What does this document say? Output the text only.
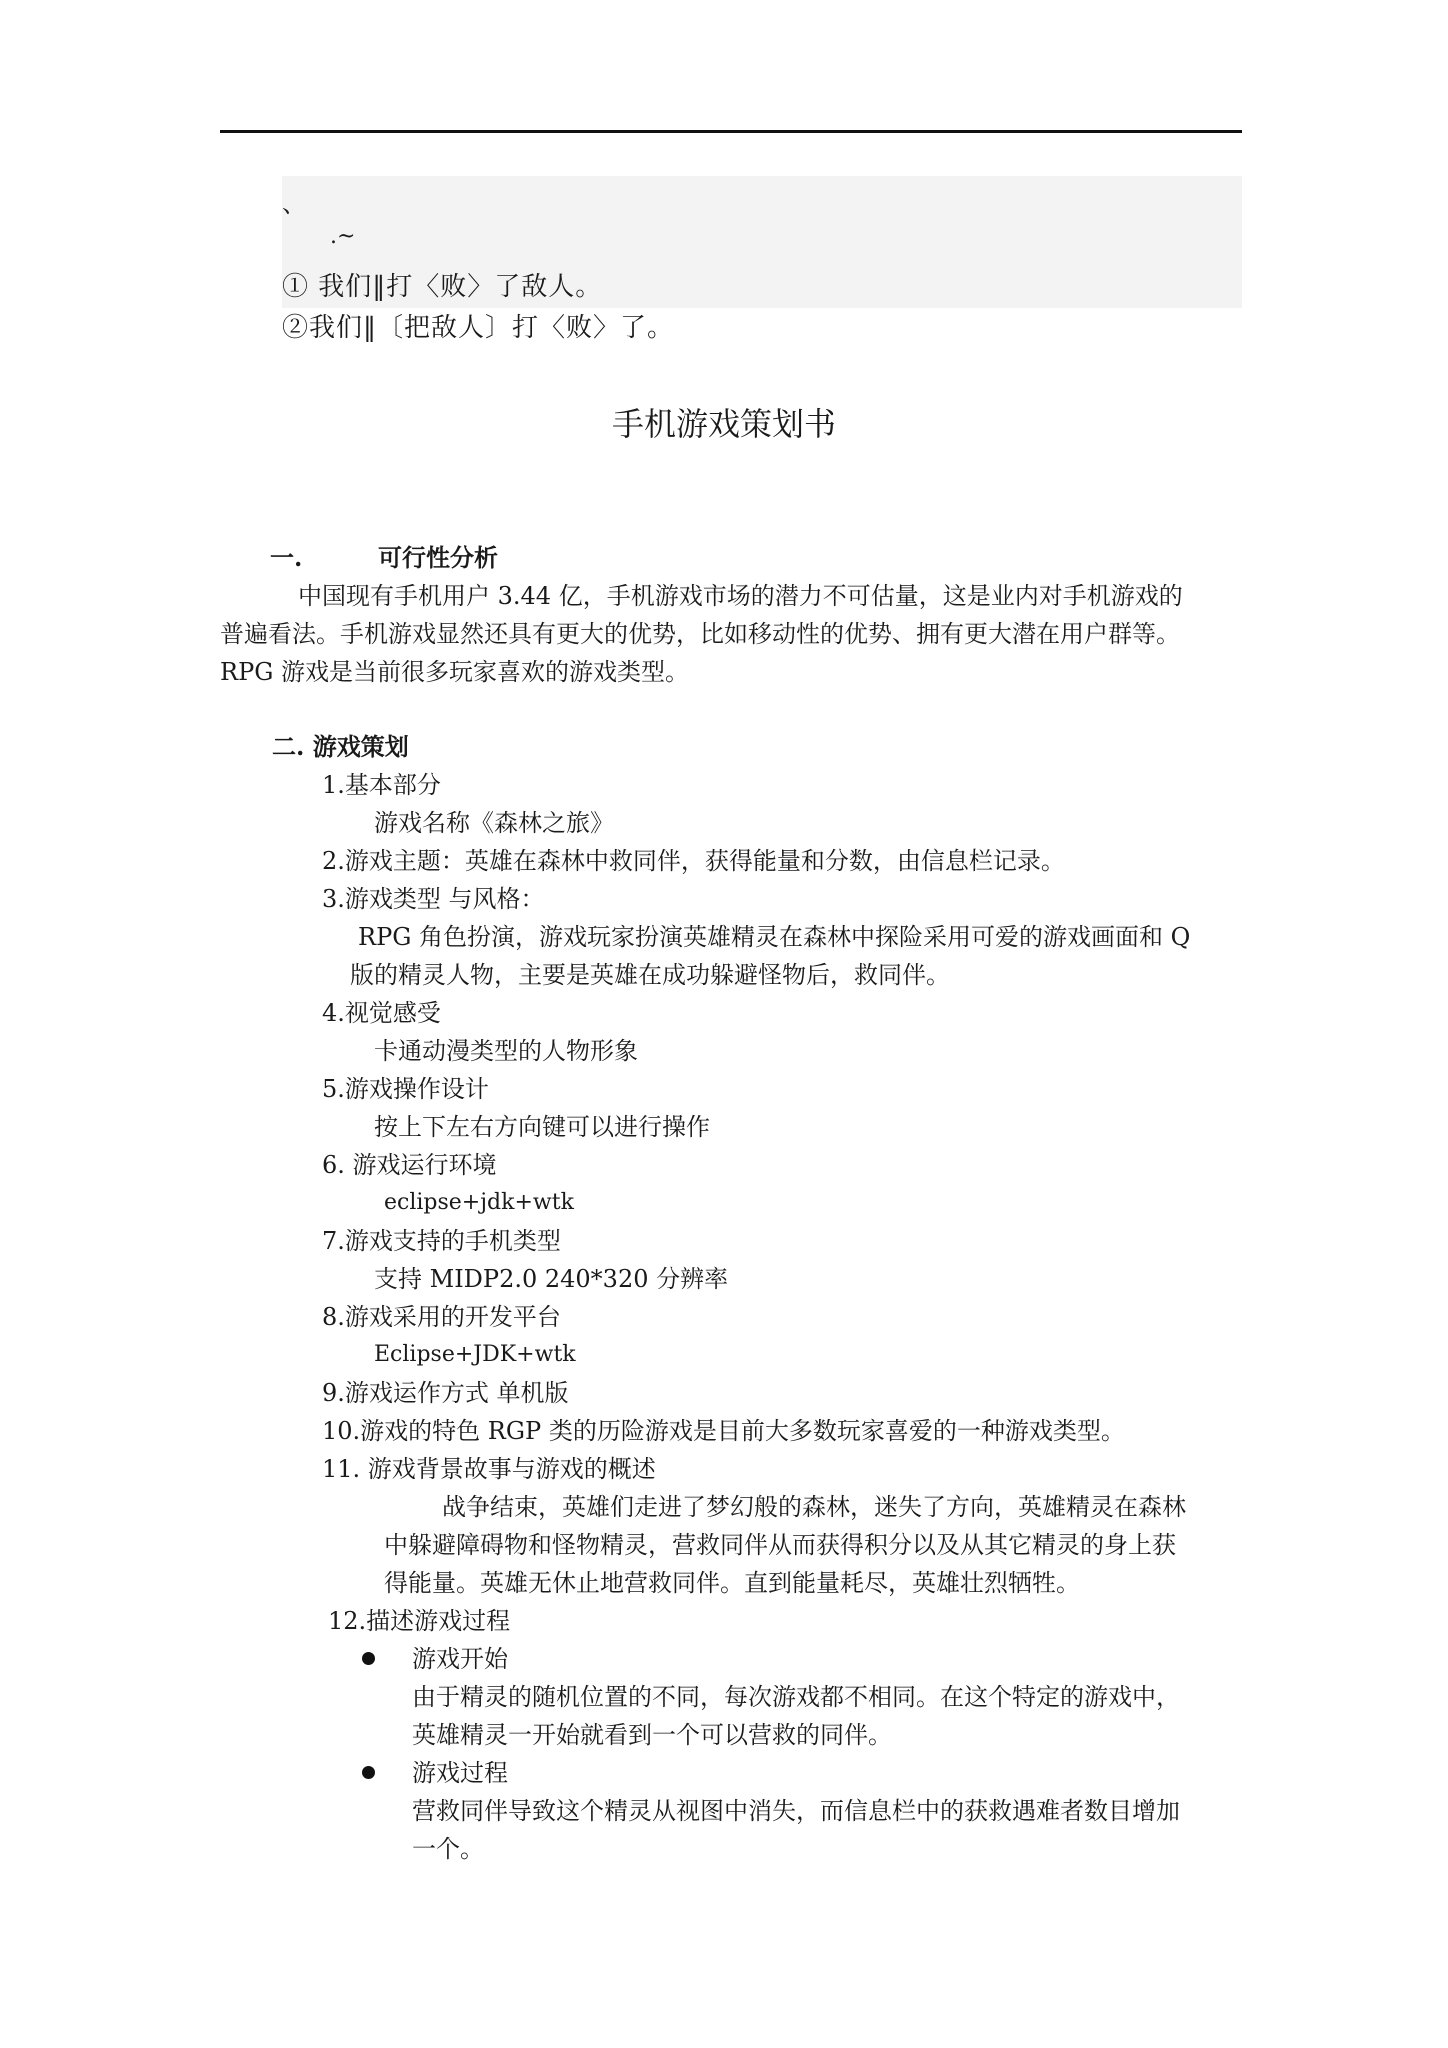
、
.~
① 我们‖打〈败〉了敌人。
②我们‖〔把敌人〕打〈败〉了。
手机游戏策划书
一.	可行性分析
中国现有手机用户 3.44 亿，手机游戏市场的潜力不可估量，这是业内对手机游戏的
普遍看法。手机游戏显然还具有更大的优势，比如移动性的优势、拥有更大潜在用户群等。
RPG 游戏是当前很多玩家喜欢的游戏类型。
二. 游戏策划
1.基本部分
游戏名称《森林之旅》
2.游戏主题：英雄在森林中救同伴，获得能量和分数，由信息栏记录。
3.游戏类型 与风格：
RPG 角色扮演，游戏玩家扮演英雄精灵在森林中探险采用可爱的游戏画面和 Q
版的精灵人物，主要是英雄在成功躲避怪物后，救同伴。
4.视觉感受
卡通动漫类型的人物形象
5.游戏操作设计
按上下左右方向键可以进行操作
6. 游戏运行环境
eclipse+jdk+wtk
7.游戏支持的手机类型
支持 MIDP2.0 240*320 分辨率
8.游戏采用的开发平台
Eclipse+JDK+wtk
9.游戏运作方式 单机版
10.游戏的特色 RGP 类的历险游戏是目前大多数玩家喜爱的一种游戏类型。
11. 游戏背景故事与游戏的概述
战争结束，英雄们走进了梦幻般的森林，迷失了方向，英雄精灵在森林
中躲避障碍物和怪物精灵，营救同伴从而获得积分以及从其它精灵的身上获
得能量。英雄无休止地营救同伴。直到能量耗尽，英雄壮烈牺牲。
12.描述游戏过程
游戏开始
由于精灵的随机位置的不同，每次游戏都不相同。在这个特定的游戏中，
英雄精灵一开始就看到一个可以营救的同伴。
游戏过程
营救同伴导致这个精灵从视图中消失，而信息栏中的获救遇难者数目增加
一个。
